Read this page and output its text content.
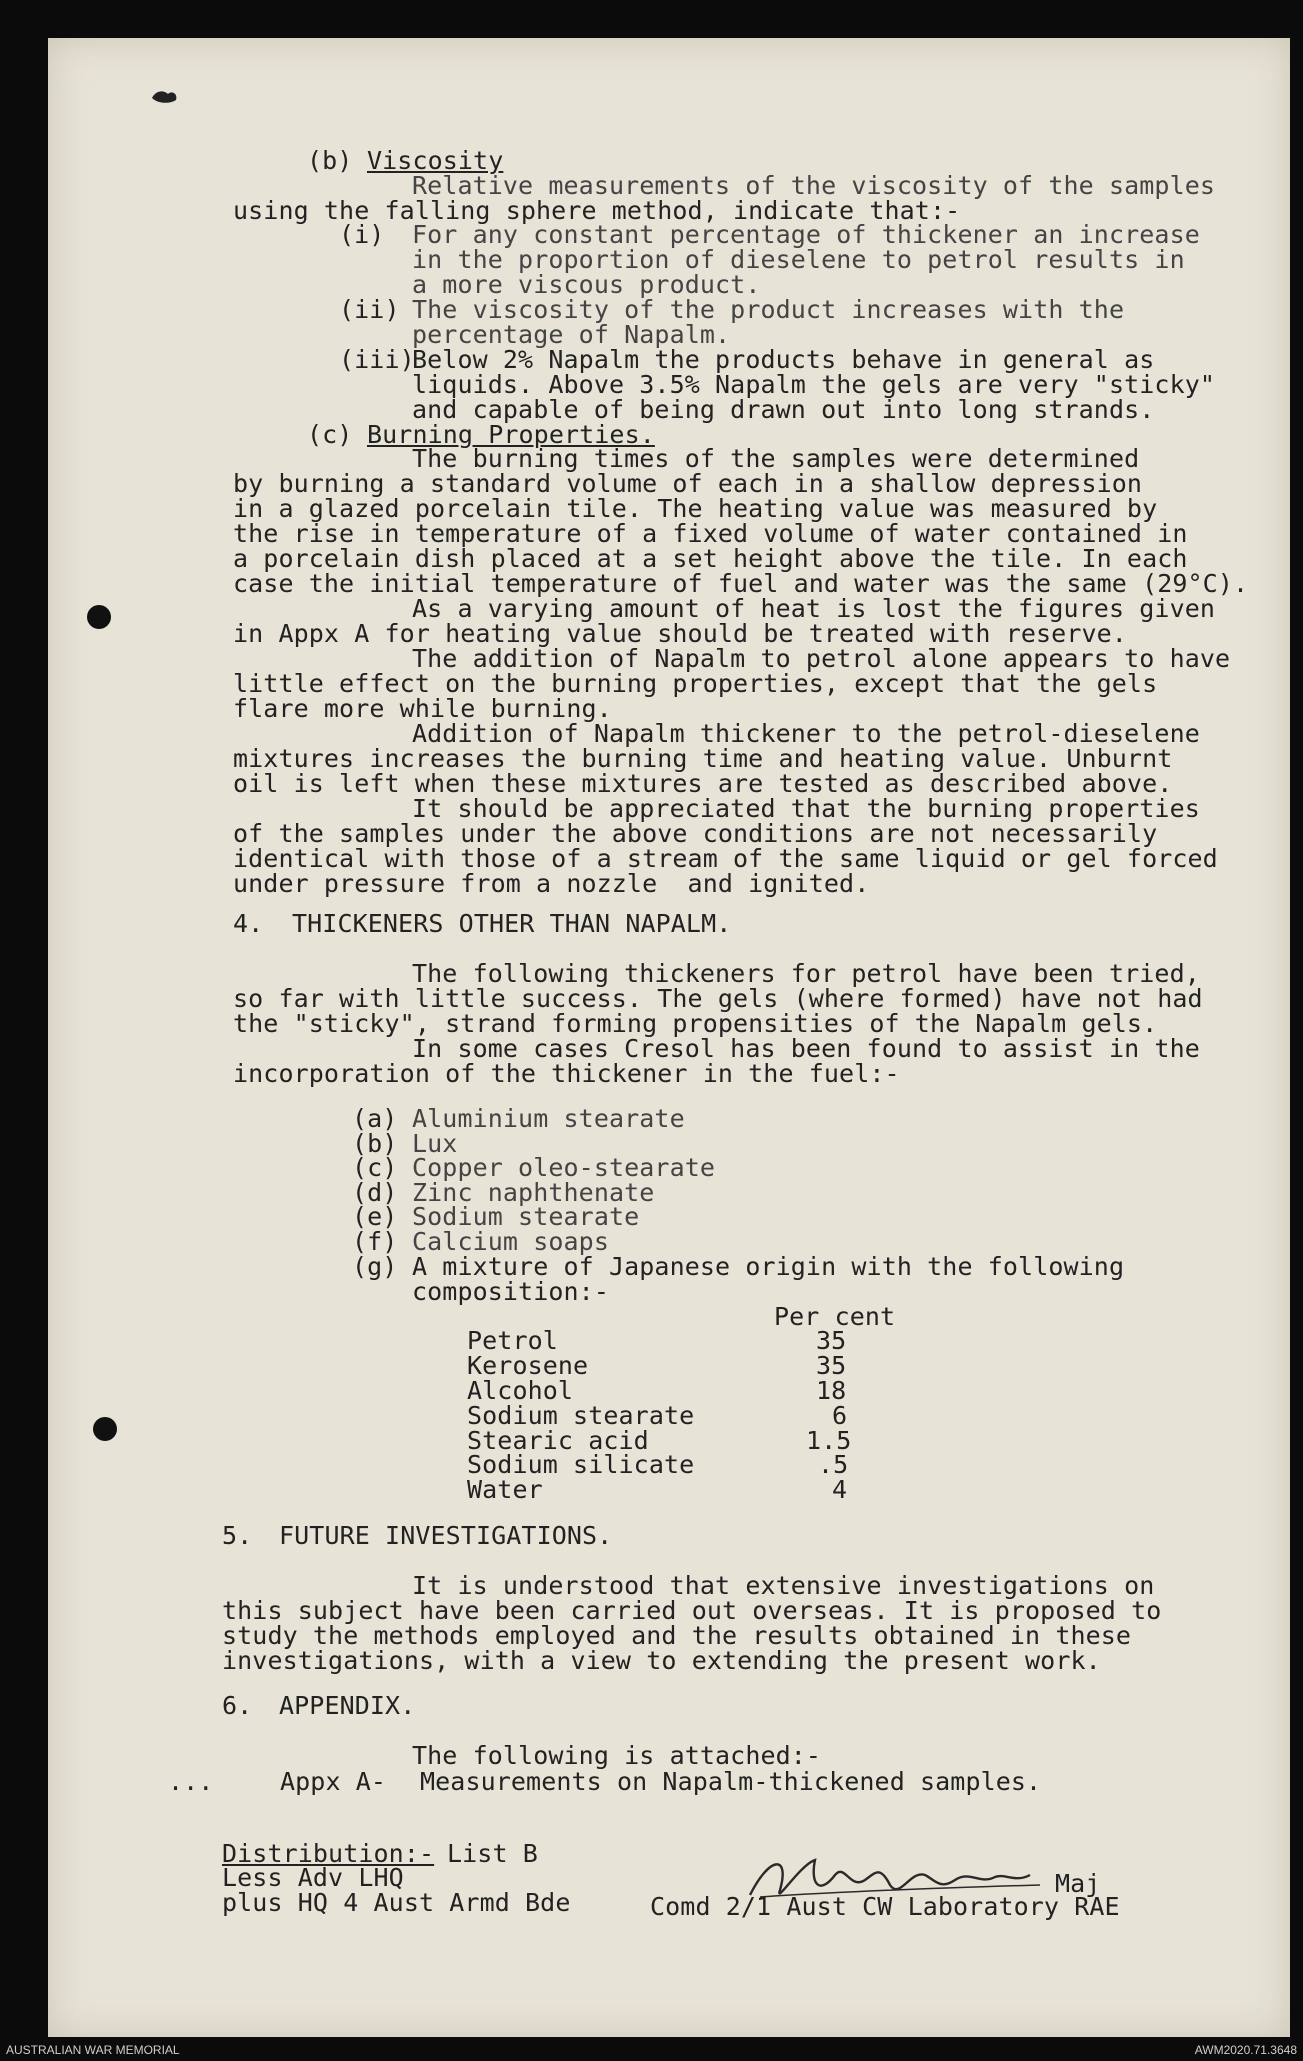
(b) Viscosity
Relative measurements of the viscosity of the samples
using the falling sphere method, indicate that:-
(i) For any constant percentage of thickener an increase
in the proportion of dieselene to petrol results in
a more viscous product.
(ii) The viscosity of the product increases with the
percentage of Napalm.
(iii)
Below 2% Napalm the products behave in general as
liquids. Above 3.5% Napalm the gels are very "sticky"
and capable of being drawn out into long strands.
(c) Burning Properties.
The burning times of the samples were determined
by burning a standard volume of each in a shallow depression
in a glazed porcelain tile. The heating value was measured by
the rise in temperature of a fixed volume of water contained in
a porcelain dish placed at a set height above the tile. In each
case the initial temperature of fuel and water was the same (29°C).
As a varying amount of heat is lost the figures given
in Appx A for heating value should be treated with reserve.
The addition of Napalm to petrol alone appears to have
little effect on the burning properties, except that the gels
flare more while burning.
Addition of Napalm thickener to the petrol-dieselene
mixtures increases the burning time and heating value. Unburnt
oil is left when these mixtures are tested as described above.
It should be appreciated that the burning properties
of the samples under the above conditions are not necessarily
identical with those of a stream of the same liquid or gel forced
under pressure from a nozzle  and ignited.
4. THICKENERS OTHER THAN NAPALM.
The following thickeners for petrol have been tried,
so far with little success. The gels (where formed) have not had
the "sticky", strand forming propensities of the Napalm gels.
In some cases Cresol has been found to assist in the
incorporation of the thickener in the fuel:-
(a) Aluminium stearate
(b) Lux
(c) Copper oleo-stearate
(d) Zinc naphthenate
(e) Sodium stearate
(f) Calcium soaps
(g) A mixture of Japanese origin with the following
composition:-
Per cent
Petrol	35
Kerosene	35
Alcohol	18
Sodium stearate	6
Stearic acid	1.5
Sodium silicate	.5
Water	4
5. FUTURE INVESTIGATIONS.
It is understood that extensive investigations on
this subject have been carried out overseas. It is proposed to
study the methods employed and the results obtained in these
investigations, with a view to extending the present work.
6. APPENDIX.
The following is attached:-
...	Appx A- Measurements on Napalm-thickened samples.
Distribution:- List B
Less Adv LHQ
plus HQ 4 Aust Armd Bde
Maj
Comd 2/1 Aust CW Laboratory RAE
AUSTRALIAN WAR MEMORIAL	AWM2020.71.3648
